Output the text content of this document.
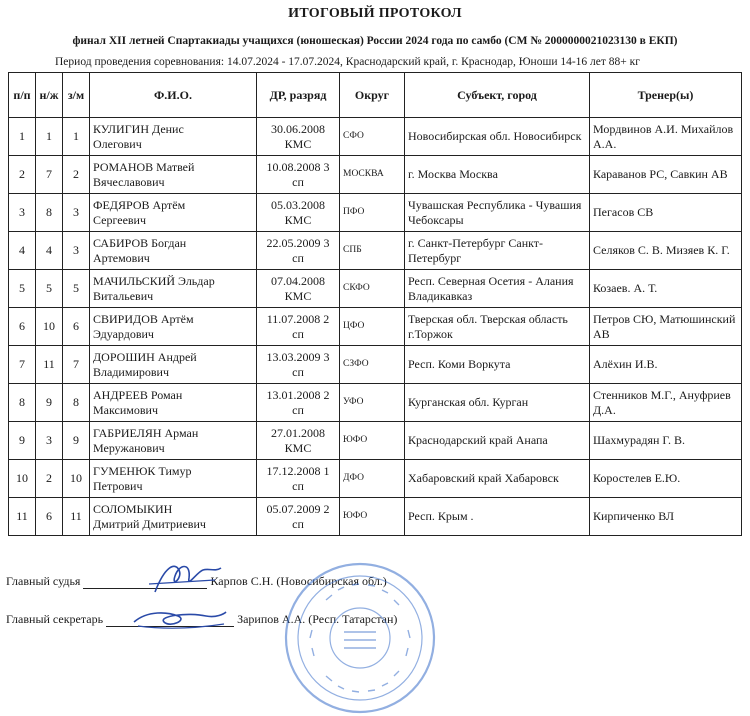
ИТОГОВЫЙ ПРОТОКОЛ
финал XII летней Спартакиады учащихся (юношеская) России 2024 года по самбо (СМ № 2000000021023130 в ЕКП)
Период проведения соревнования: 14.07.2024 - 17.07.2024, Краснодарский край, г. Краснодар, Юноши 14-16 лет 88+ кг
п/п	н/ж	з/м	Ф.И.О.	ДР, разряд	Округ	Субъект, город	Тренер(ы)
1	1	1	КУЛИГИН Денис
Олегович	30.06.2008 КМС	СФО	Новосибирская обл. Новосибирск	Мордвинов А.И. Михайлов А.А.
2	7	2	РОМАНОВ Матвей
Вячеславович	10.08.2008 3 сп	МОСКВА	г. Москва Москва	Караванов РС, Савкин АВ
3	8	3	ФЕДЯРОВ Артём
Сергеевич	05.03.2008 КМС	ПФО	Чувашская Республика - Чувашия Чебоксары	Пегасов СВ
4	4	3	САБИРОВ Богдан
Артемович	22.05.2009 3 сп	СПБ	г. Санкт-Петербург Санкт-Петербург	Селяков С. В. Мизяев К. Г.
5	5	5	МАЧИЛЬСКИЙ Эльдар
Витальевич	07.04.2008 КМС	СКФО	Респ. Северная Осетия - Алания Владикавказ	Козаев. А. Т.
6	10	6	СВИРИДОВ Артём
Эдуардович	11.07.2008 2 сп	ЦФО	Тверская обл. Тверская область г.Торжок	Петров СЮ, Матюшинский АВ
7	11	7	ДОРОШИН Андрей
Владимирович	13.03.2009 3 сп	СЗФО	Респ. Коми Воркута	Алёхин И.В.
8	9	8	АНДРЕЕВ Роман
Максимович	13.01.2008 2 сп	УФО	Курганская обл. Курган	Стенников М.Г., Ануфриев Д.А.
9	3	9	ГАБРИЕЛЯН Арман
Меружанович	27.01.2008 КМС	ЮФО	Краснодарский край Анапа	Шахмурадян Г. В.
10	2	10	ГУМЕНЮК Тимур
Петрович	17.12.2008 1 сп	ДФО	Хабаровский край Хабаровск	Коростелев Е.Ю.
11	6	11	СОЛОМЫКИН
Дмитрий Дмитриевич	05.07.2009 2 сп	ЮФО	Респ. Крым .	Кирпиченко ВЛ
Главный судья	Карпов С.Н. (Новосибирская обл.)
Главный секретарь	Зарипов А.А. (Респ. Татарстан)
